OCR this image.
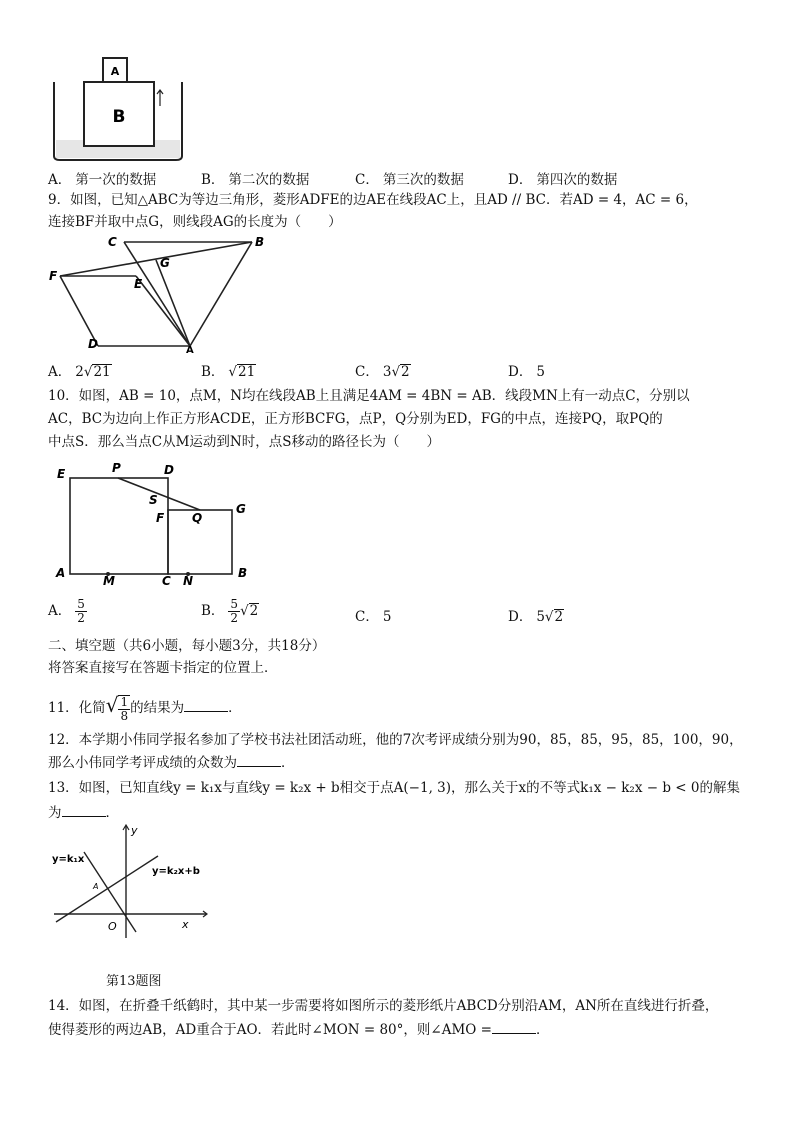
A
B
A． 第一次的数据	B． 第二次的数据	C． 第三次的数据	D． 第四次的数据
9．如图，已知△ABC为等边三角形，菱形ADFE的边AE在线段AC上，且AD // BC．若AD = 4，AC = 6，
连接BF并取中点G，则线段AG的长度为（　　）
C	B
G
F
E
D	A
A． 2√21	B． √21	C． 3√2	D． 5
10．如图，AB = 10，点M，N均在线段AB上且满足4AM = 4BN = AB．线段MN上有一动点C，分别以
AC，BC为边向上作正方形ACDE，正方形BCFG，点P，Q分别为ED，FG的中点，连接PQ，取PQ的
中点S．那么当点C从M运动到N时，点S移动的路径长为（　　）
E	P	D
S
F Q
G
A
M	C N
B
A． $\frac{5}{2}$	B． $\frac{5}{2} √2$	C． 5	D． 5√2
二、填空题（共6小题，每小题3分，共18分）
将答案直接写在答题卡指定的位置上．
11．化简√ $\frac{1}{8}$ 的结果为	．
12．本学期小伟同学报名参加了学校书法社团活动班，他的7次考评成绩分别为90，85，85，95，85，100，90，
那么小伟同学考评成绩的众数为	．
13．如图，已知直线y = k₁x与直线y = k₂x + b相交于点A(−1, 3)，那么关于x的不等式k₁x − k₂x − b < 0的解集
为	．
y
x
O
A
y=k₁x
y=k₂x+b
第13题图
14．如图，在折叠千纸鹤时，其中某一步需要将如图所示的菱形纸片ABCD分别沿AM，AN所在直线进行折叠，
使得菱形的两边AB，AD重合于AO．若此时∠MON = 80°，则∠AMO =	．
